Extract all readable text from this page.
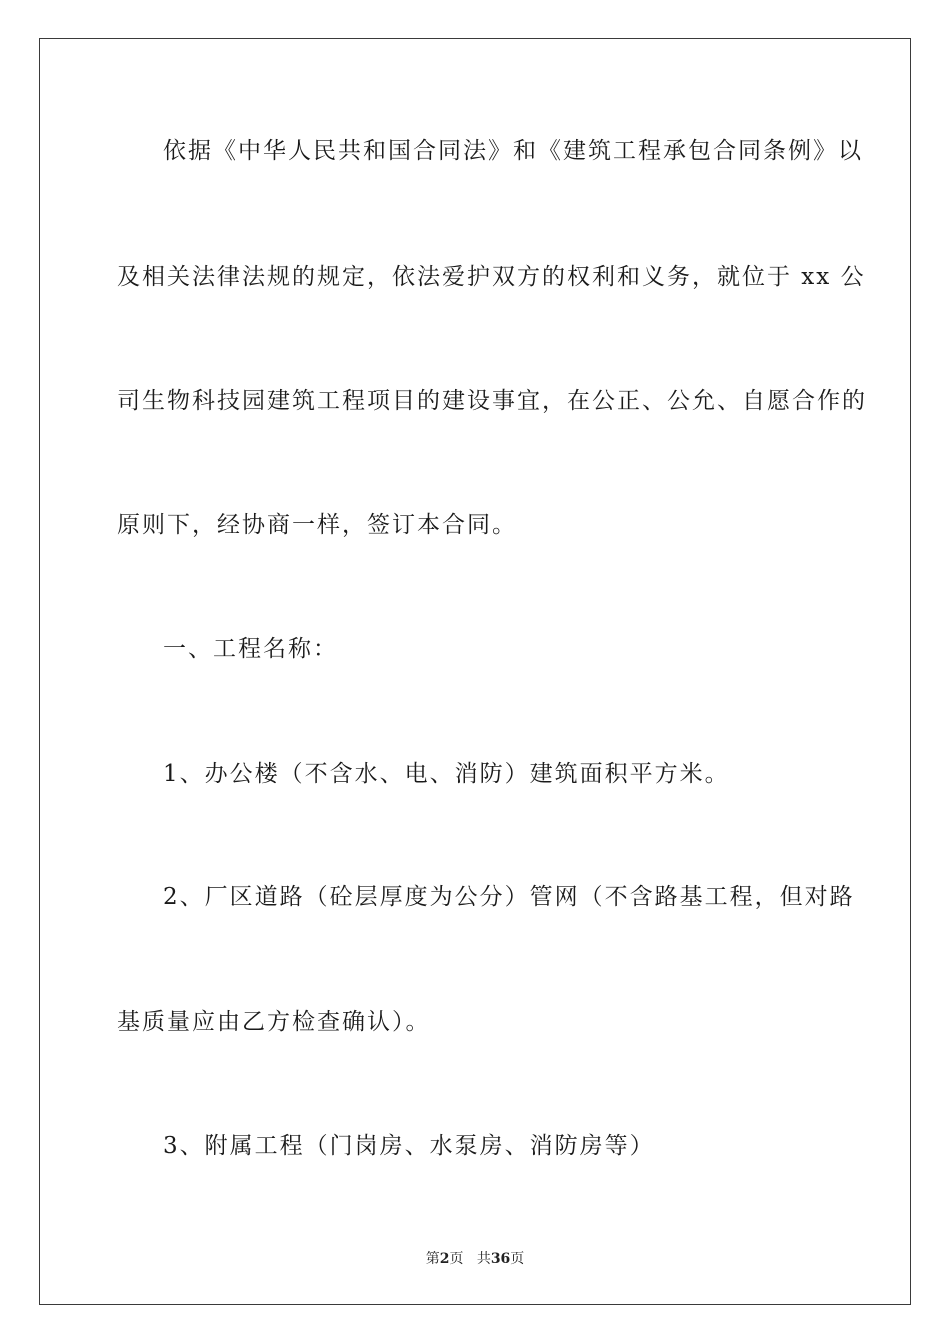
依据《中华人民共和国合同法》和《建筑工程承包合同条例》以
及相关法律法规的规定，依法爱护双方的权利和义务，就位于 xx 公
司生物科技园建筑工程项目的建设事宜，在公正、公允、自愿合作的
原则下，经协商一样，签订本合同。
一、工程名称：
1、办公楼（不含水、电、消防）建筑面积平方米。
2、厂区道路（砼层厚度为公分）管网（不含路基工程，但对路
基质量应由乙方检查确认）。
3、附属工程（门岗房、水泵房、消防房等）
第2页 共36页
